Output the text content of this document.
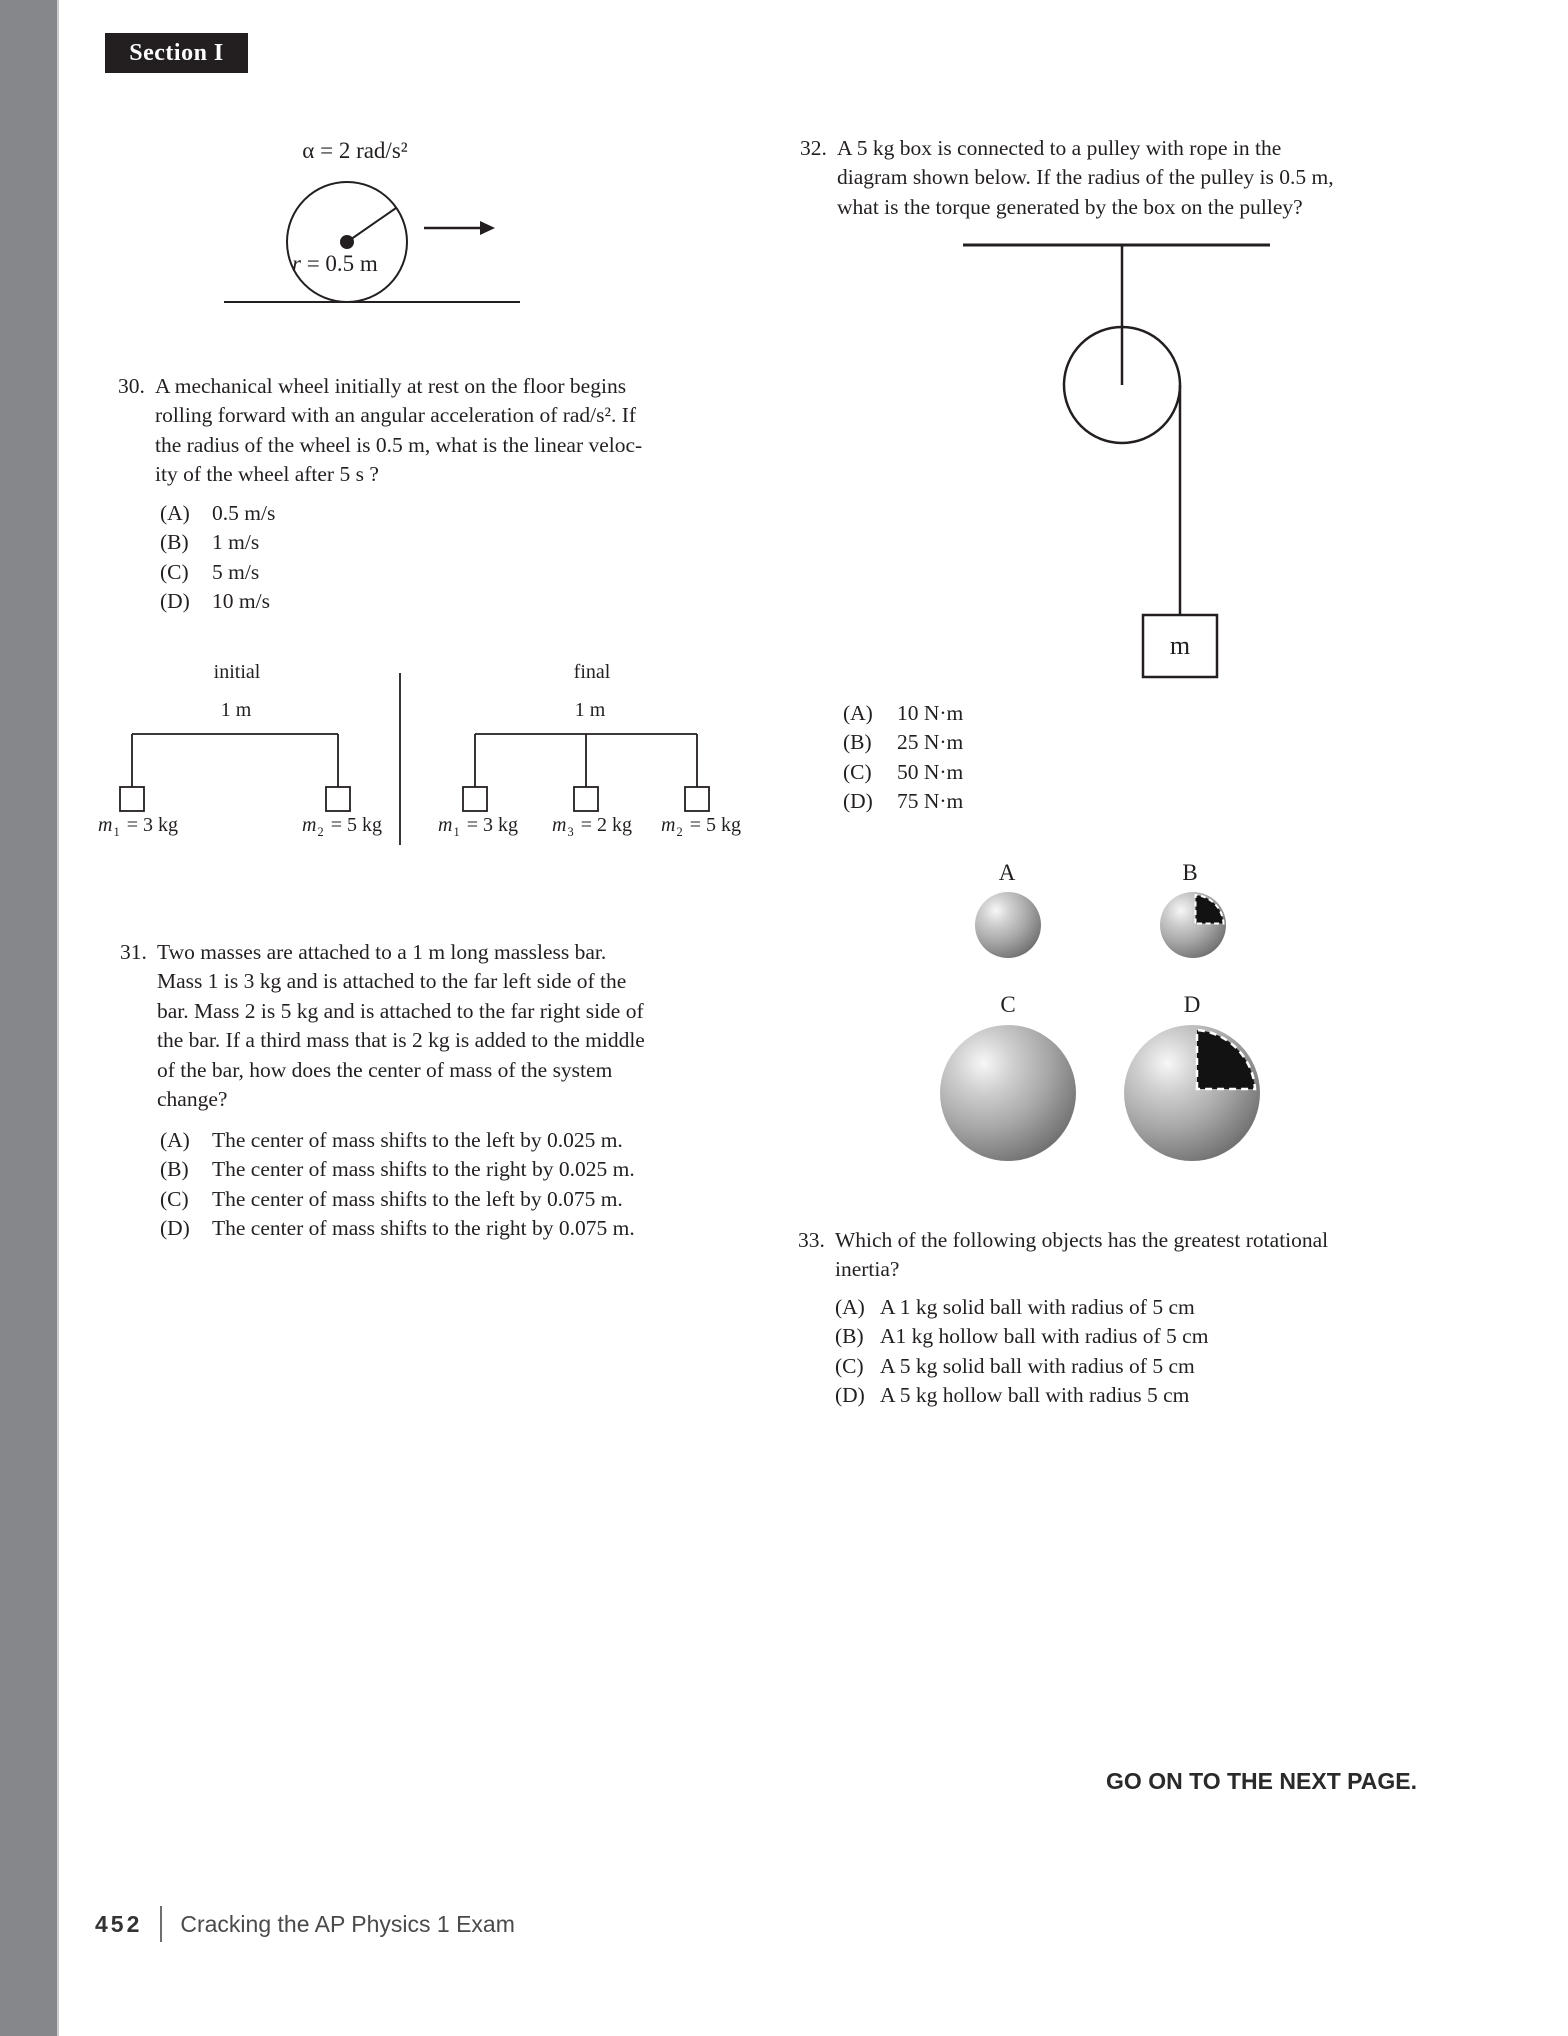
Section I
α = 2 rad/s²
r = 0.5 m
30. A mechanical wheel initially at rest on the floor begins
rolling forward with an angular acceleration of rad/s². If
the radius of the wheel is 0.5 m, what is the linear veloc-
ity of the wheel after 5 s ?
(A)	0.5 m/s
(B)	1 m/s
(C)	5 m/s
(D)	10 m/s
initial
1 m
final
1 m
$m_1 = 3$ kg	$m_2 = 5$ kg	$m_1 = 3$ kg	$m_3 = 2$ kg	$m_2 = 5$ kg
31. Two masses are attached to a 1 m long massless bar.
Mass 1 is 3 kg and is attached to the far left side of the
bar. Mass 2 is 5 kg and is attached to the far right side of
the bar. If a third mass that is 2 kg is added to the middle
of the bar, how does the center of mass of the system
change?
(A)	The center of mass shifts to the left by 0.025 m.
(B)	The center of mass shifts to the right by 0.025 m.
(C)	The center of mass shifts to the left by 0.075 m.
(D)	The center of mass shifts to the right by 0.075 m.
32. A 5 kg box is connected to a pulley with rope in the
diagram shown below. If the radius of the pulley is 0.5 m,
what is the torque generated by the box on the pulley?
m
(A)	10 N·m
(B)	25 N·m
(C)	50 N·m
(D)	75 N·m
A	B
C	D
33. Which of the following objects has the greatest rotational
inertia?
(A) A 1 kg solid ball with radius of 5 cm
(B) A1 kg hollow ball with radius of 5 cm
(C) A 5 kg solid ball with radius of 5 cm
(D) A 5 kg hollow ball with radius 5 cm
GO ON TO THE NEXT PAGE.
452 Cracking the AP Physics 1 Exam
